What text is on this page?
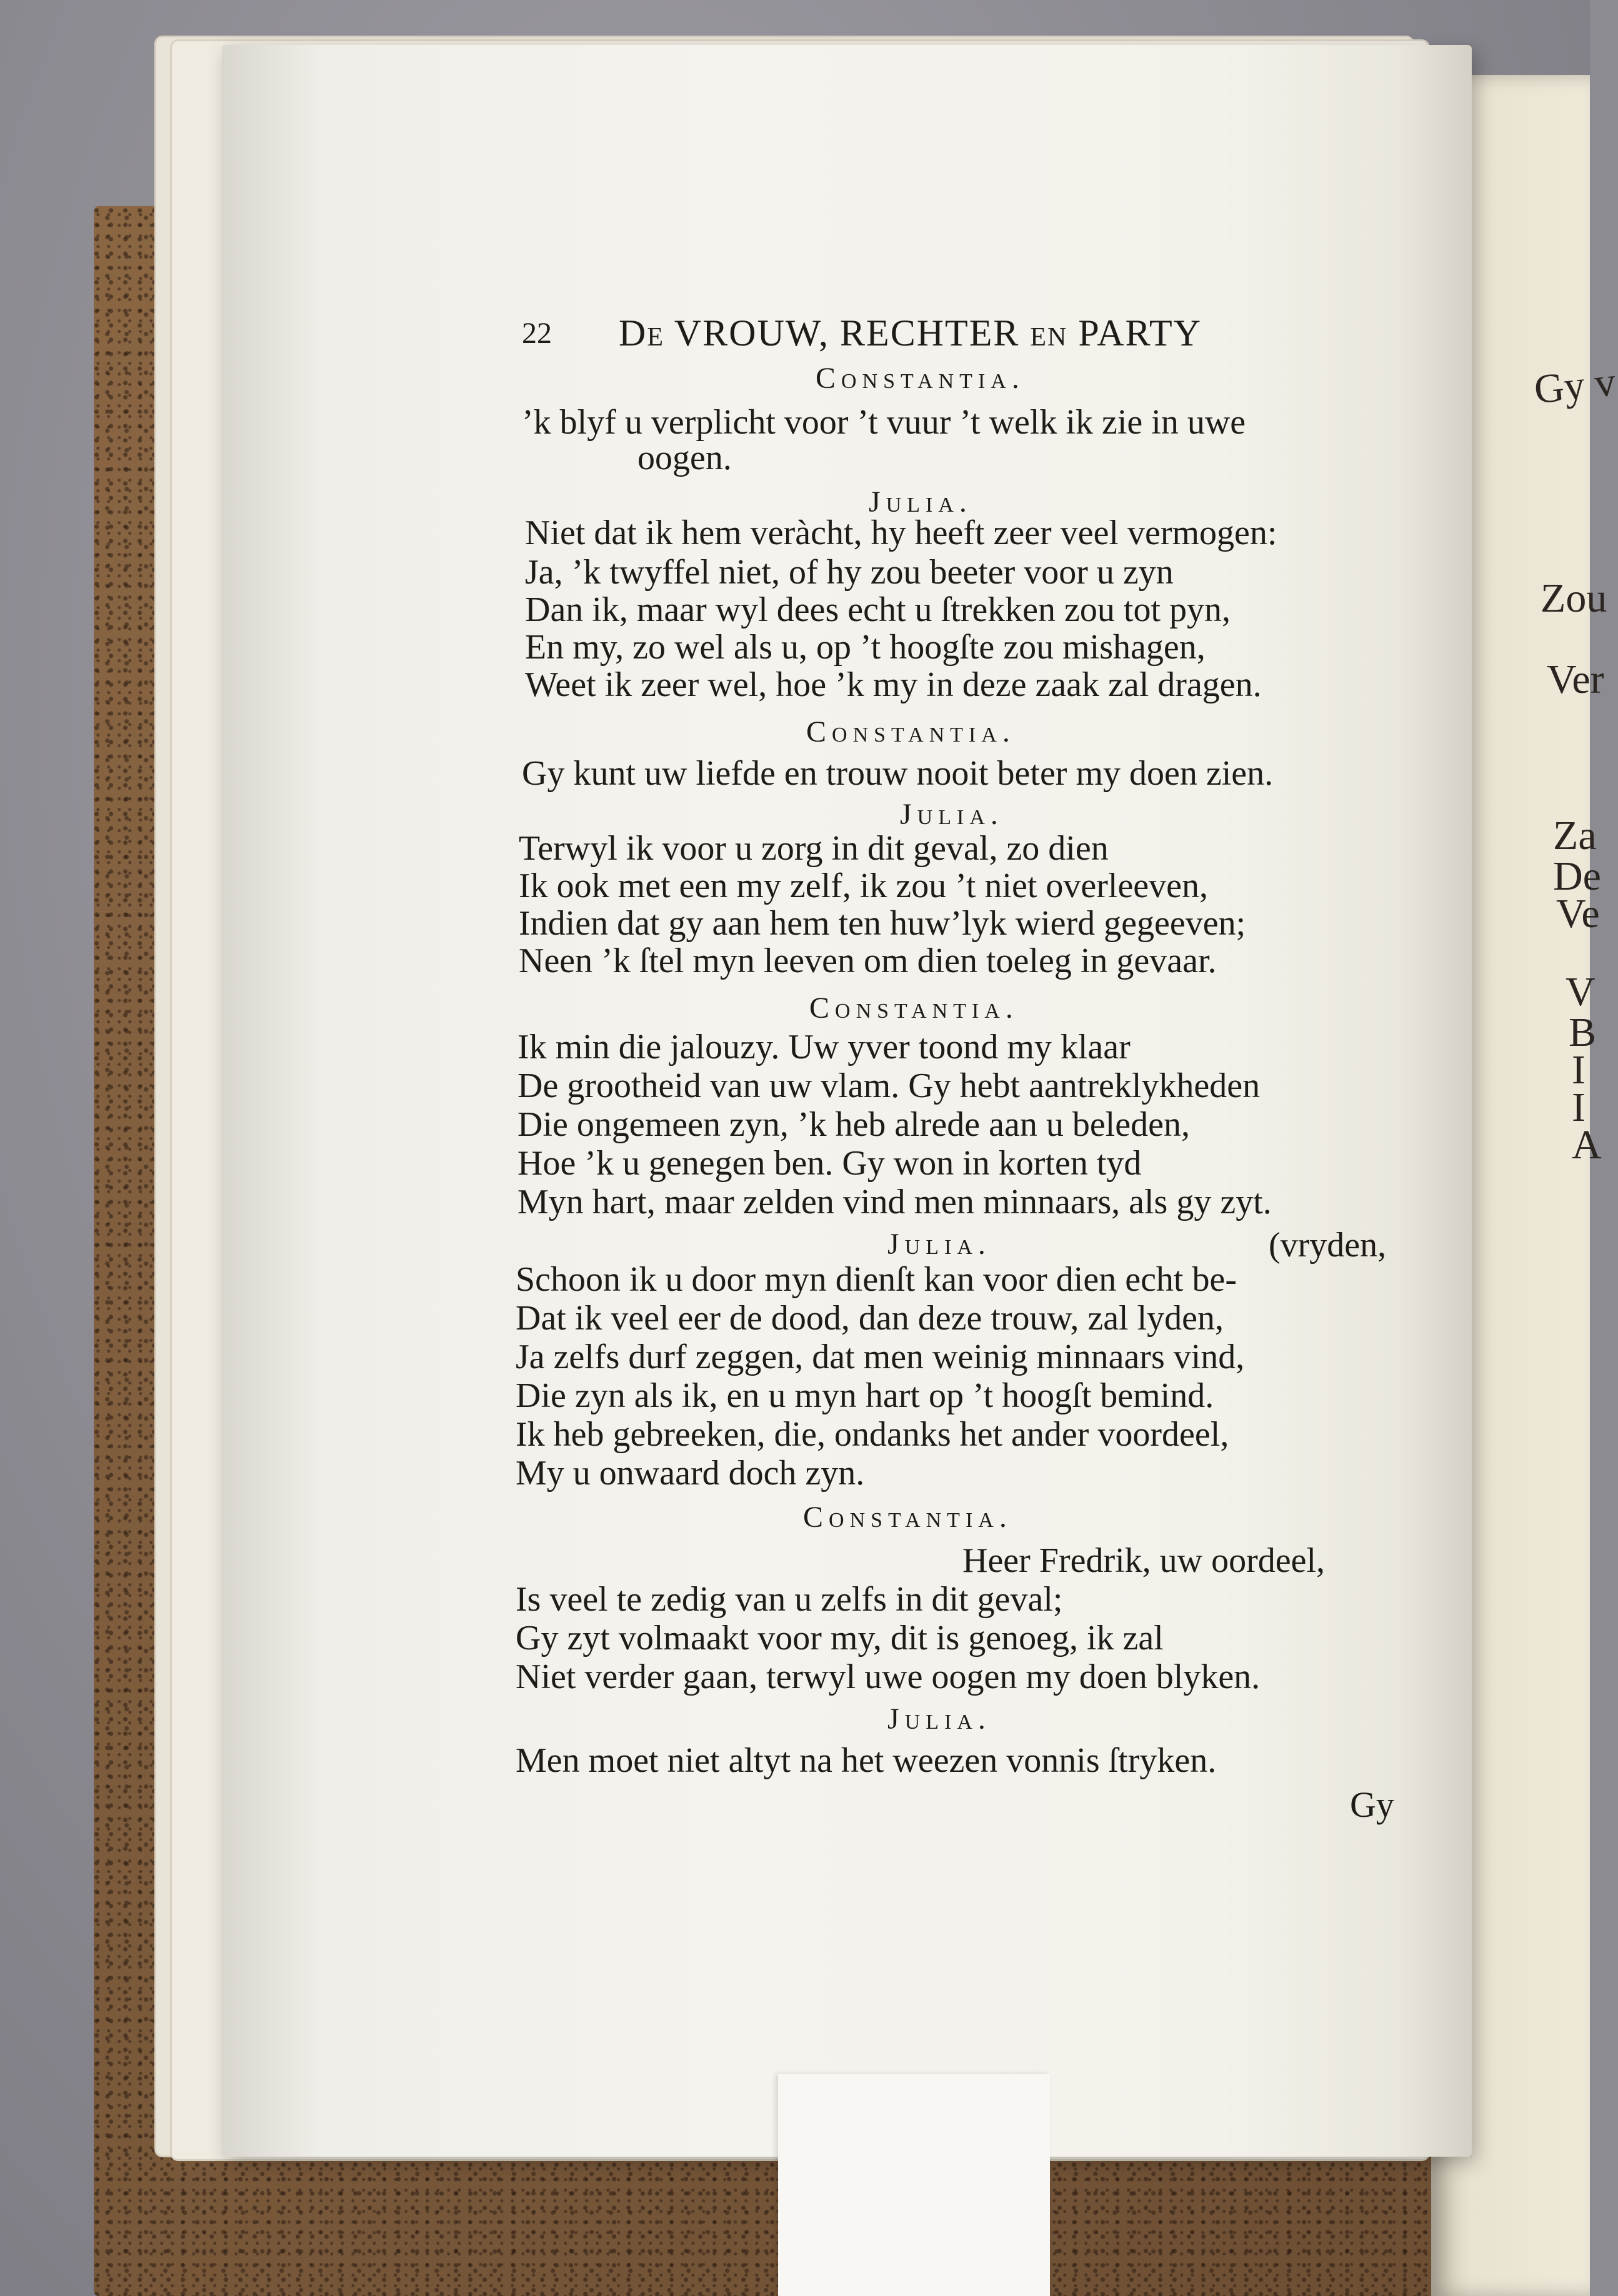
Gy v
Zou
Ver
Za
De
Ve
V
B
I
I
A
22 De VROUW, RECHTER en PARTY
Constantia.
’k blyf u verplicht voor ’t vuur ’t welk ik zie in uwe
oogen.
Julia.
Niet dat ik hem veràcht, hy heeft zeer veel vermogen:
Ja, ’k twyffel niet, of hy zou beeter voor u zyn
Dan ik, maar wyl dees echt u ſtrekken zou tot pyn,
En my, zo wel als u, op ’t hoogſte zou mishagen,
Weet ik zeer wel, hoe ’k my in deze zaak zal dragen.
Constantia.
Gy kunt uw liefde en trouw nooit beter my doen zien.
Julia.
Terwyl ik voor u zorg in dit geval, zo dien
Ik ook met een my zelf, ik zou ’t niet overleeven,
Indien dat gy aan hem ten huw’lyk wierd gegeeven;
Neen ’k ſtel myn leeven om dien toeleg in gevaar.
Constantia.
Ik min die jalouzy. Uw yver toond my klaar
De grootheid van uw vlam. Gy hebt aantreklykheden
Die ongemeen zyn, ’k heb alrede aan u beleden,
Hoe ’k u genegen ben. Gy won in korten tyd
Myn hart, maar zelden vind men minnaars, als gy zyt.
Julia.	(vryden,
Schoon ik u door myn dienſt kan voor dien echt be-
Dat ik veel eer de dood, dan deze trouw, zal lyden,
Ja zelfs durf zeggen, dat men weinig minnaars vind,
Die zyn als ik, en u myn hart op ’t hoogſt bemind.
Ik heb gebreeken, die, ondanks het ander voordeel,
My u onwaard doch zyn.
Constantia.
Heer Fredrik, uw oordeel,
Is veel te zedig van u zelfs in dit geval;
Gy zyt volmaakt voor my, dit is genoeg, ik zal
Niet verder gaan, terwyl uwe oogen my doen blyken.
Julia.
Men moet niet altyt na het weezen vonnis ſtryken.
Gy
